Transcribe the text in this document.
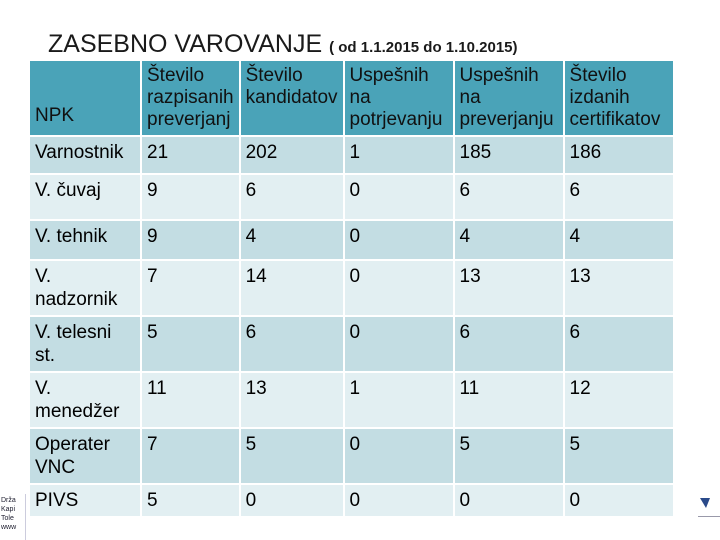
ZASEBNO VAROVANJE ( od 1.1.2015 do 1.10.2015)
NPK	Število razpisanih preverjanj	Število kandidatov	Uspešnih na potrjevanju	Uspešnih na preverjanju	Število izdanih certifikatov
Varnostnik	21	202	1	185	186
V. čuvaj	9	6	0	6	6
V. tehnik	9	4	0	4	4
V. nadzornik	7	14	0	13	13
V. telesni st.	5	6	0	6	6
V. menedžer	11	13	1	11	12
Operater VNC	7	5	0	5	5
PIVS	5	0	0	0	0
Drža
Kapi
Tole
www
